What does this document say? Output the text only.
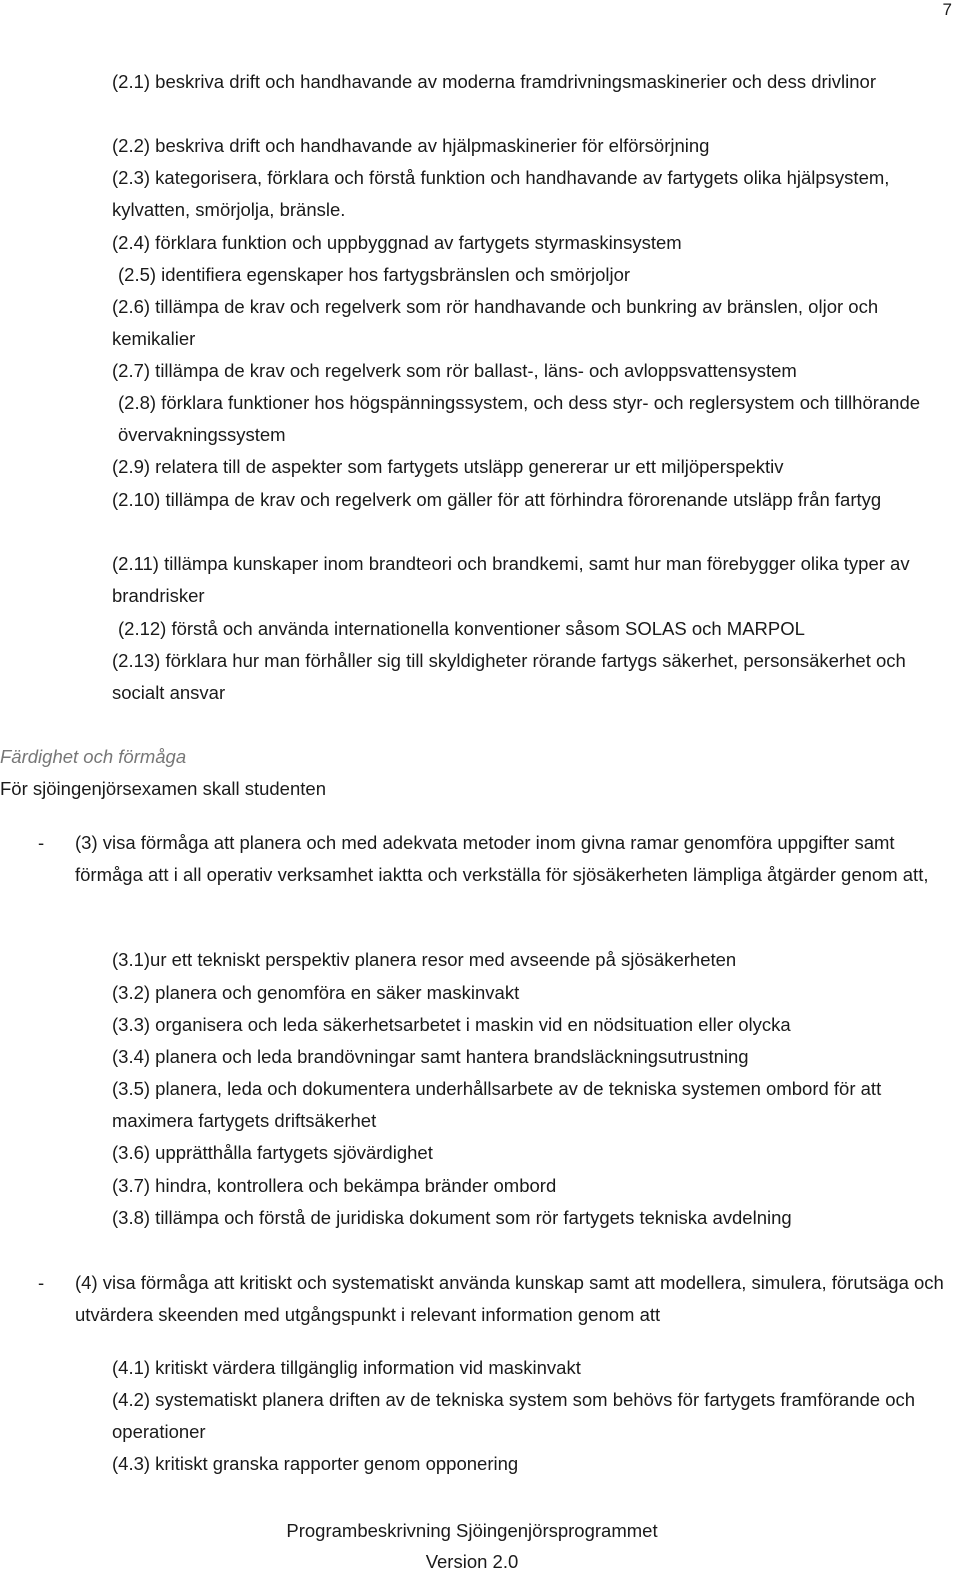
7

(2.1) beskriva drift och handhavande av moderna framdrivningsmaskinerier och dess drivlinor

(2.2) beskriva drift och handhavande av hjälpmaskinerier för elförsörjning

(2.3) kategorisera, förklara och förstå funktion och handhavande av fartygets olika hjälpsystem, kylvatten, smörjolja, bränsle.

(2.4) förklara funktion och uppbyggnad av fartygets styrmaskinsystem

(2.5) identifiera egenskaper hos fartygsbränslen och smörjoljor

(2.6) tillämpa de krav och regelverk som rör handhavande och bunkring av bränslen, oljor och kemikalier

(2.7) tillämpa de krav och regelverk som rör ballast-, läns- och avloppsvattensystem

(2.8) förklara funktioner hos högspänningssystem, och dess styr- och reglersystem och tillhörande övervakningssystem

(2.9) relatera till de aspekter som fartygets utsläpp genererar ur ett miljöperspektiv

(2.10) tillämpa de krav och regelverk om gäller för att förhindra förorenande utsläpp från fartyg

(2.11) tillämpa kunskaper inom brandteori och brandkemi, samt hur man förebygger olika typer av brandrisker

(2.12) förstå och använda internationella konventioner såsom SOLAS och MARPOL

(2.13) förklara hur man förhåller sig till skyldigheter rörande fartygs säkerhet, personsäkerhet och socialt ansvar

Färdighet och förmåga

För sjöingenjörsexamen skall studenten

- (3) visa förmåga att planera och med adekvata metoder inom givna ramar genomföra uppgifter samt förmåga att i all operativ verksamhet iaktta och verkställa för sjösäkerheten lämpliga åtgärder genom att,

(3.1)ur ett tekniskt perspektiv planera resor med avseende på sjösäkerheten

(3.2) planera och genomföra en säker maskinvakt

(3.3) organisera och leda säkerhetsarbetet i maskin vid en nödsituation eller olycka

(3.4) planera och leda brandövningar samt hantera brandsläckningsutrustning

(3.5) planera, leda och dokumentera underhållsarbete av de tekniska systemen ombord för att maximera fartygets driftsäkerhet

(3.6) upprätthålla fartygets sjövärdighet

(3.7) hindra, kontrollera och bekämpa bränder ombord

(3.8) tillämpa och förstå de juridiska dokument som rör fartygets tekniska avdelning

- (4) visa förmåga att kritiskt och systematiskt använda kunskap samt att modellera, simulera, förutsäga och utvärdera skeenden med utgångspunkt i relevant information genom att

(4.1) kritiskt värdera tillgänglig information vid maskinvakt

(4.2) systematiskt planera driften av de tekniska system som behövs för fartygets framförande och operationer

(4.3) kritiskt granska rapporter genom opponering

Programbeskrivning Sjöingenjörsprogrammet
Version 2.0
